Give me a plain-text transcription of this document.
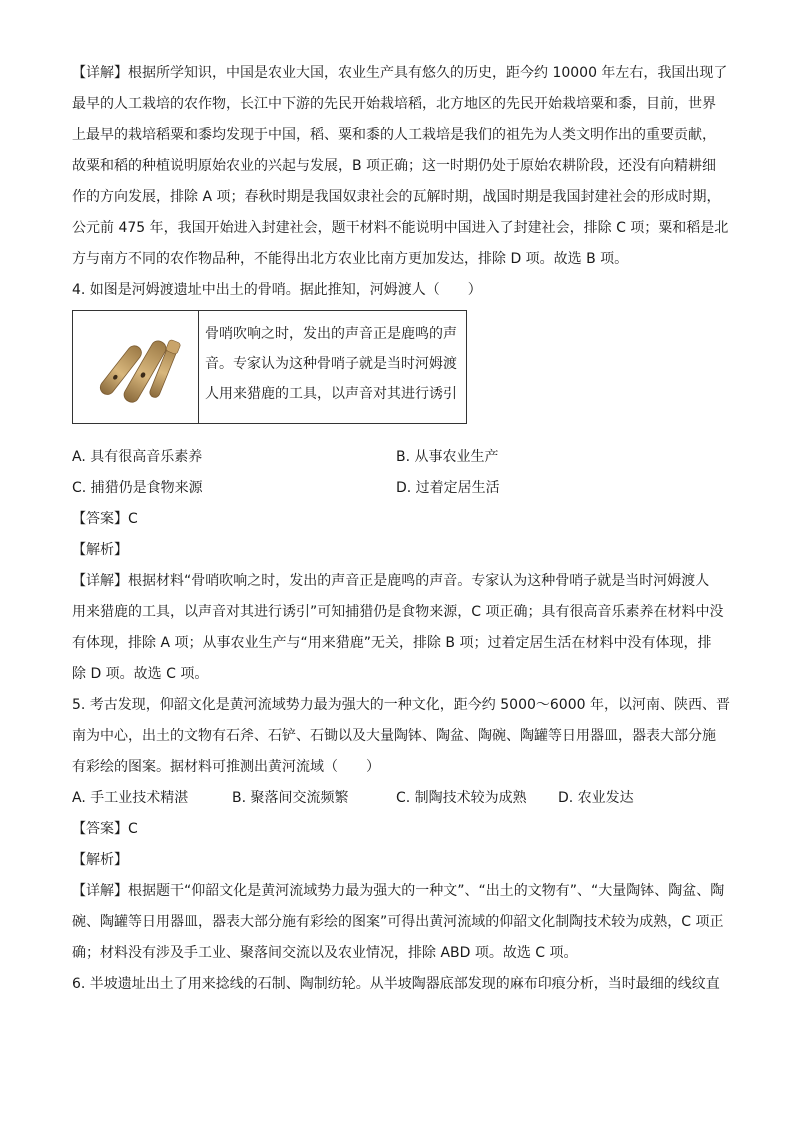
【详解】根据所学知识，中国是农业大国，农业生产具有悠久的历史，距今约 10000 年左右，我国出现了

最早的人工栽培的农作物，长江中下游的先民开始栽培稻，北方地区的先民开始栽培粟和黍，目前，世界

上最早的栽培稻粟和黍均发现于中国，稻、粟和黍的人工栽培是我们的祖先为人类文明作出的重要贡献，

故粟和稻的种植说明原始农业的兴起与发展，B 项正确；这一时期仍处于原始农耕阶段，还没有向精耕细

作的方向发展，排除 A 项；春秋时期是我国奴隶社会的瓦解时期，战国时期是我国封建社会的形成时期，

公元前 475 年，我国开始进入封建社会，题干材料不能说明中国进入了封建社会，排除 C 项；粟和稻是北

方与南方不同的农作物品种，不能得出北方农业比南方更加发达，排除 D 项。故选 B 项。

4. 如图是河姆渡遗址中出土的骨哨。据此推知，河姆渡人（　　）

骨哨吹响之时，发出的声音正是鹿鸣的声
音。专家认为这种骨哨子就是当时河姆渡
人用来猎鹿的工具，以声音对其进行诱引
A. 具有很高音乐素养	B. 从事农业生产
C. 捕猎仍是食物来源	D. 过着定居生活

【答案】C

【解析】

【详解】根据材料“骨哨吹响之时，发出的声音正是鹿鸣的声音。专家认为这种骨哨子就是当时河姆渡人

用来猎鹿的工具，以声音对其进行诱引”可知捕猎仍是食物来源，C 项正确；具有很高音乐素养在材料中没

有体现，排除 A 项；从事农业生产与“用来猎鹿”无关，排除 B 项；过着定居生活在材料中没有体现，排

除 D 项。故选 C 项。

5. 考古发现，仰韶文化是黄河流域势力最为强大的一种文化，距今约 5000～6000 年，以河南、陕西、晋

南为中心，出土的文物有石斧、石铲、石锄以及大量陶钵、陶盆、陶碗、陶罐等日用器皿，器表大部分施

有彩绘的图案。据材料可推测出黄河流域（　　）

A. 手工业技术精湛	B. 聚落间交流频繁	C. 制陶技术较为成熟	D. 农业发达

【答案】C

【解析】

【详解】根据题干“仰韶文化是黄河流域势力最为强大的一种文”、“出土的文物有”、“大量陶钵、陶盆、陶

碗、陶罐等日用器皿，器表大部分施有彩绘的图案”可得出黄河流域的仰韶文化制陶技术较为成熟，C 项正

确；材料没有涉及手工业、聚落间交流以及农业情况，排除 ABD 项。故选 C 项。

6. 半坡遗址出土了用来捻线的石制、陶制纺轮。从半坡陶器底部发现的麻布印痕分析，当时最细的线纹直
